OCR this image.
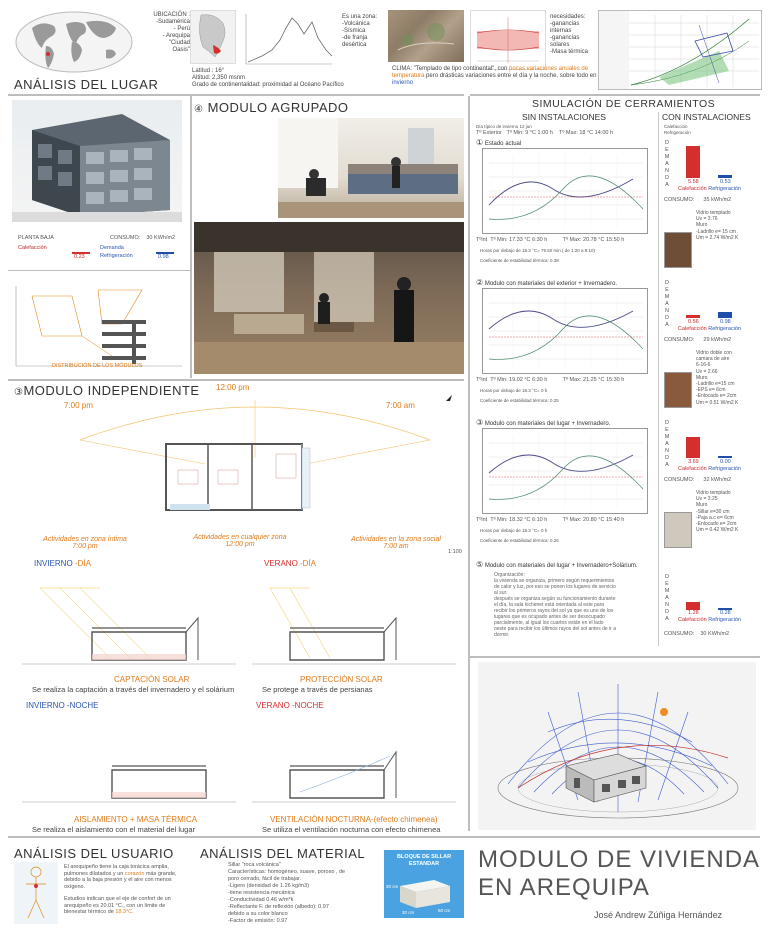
UBICACIÓN :
-Sudamérica
- Perú
- Arequipa
"Ciudad
Oasis"
Es una zona:
-Volcánica
-Sísmica
-de franja
desértica
necesidades:
-ganancias
internas
-ganancias
solares
-Masa térmica
ANÁLISIS DEL LUGAR
Latitud : 16°
Altitud: 2,350 msnm
Grado de continentalidad: proximidad al Océano Pacífico
CLIMA: "Templado de tipo continental", con pocas variaciones anuales de temperatura pero drásticas variaciones entre el día y la noche, sobre todo en invierno
PLANTA BAJA	CONSUMO: 30 KWh/m2
Calefacción
0.23
Demanda
Refrigeración	0.98
DISTRIBUCIÓN DE LOS MÓDULOS
④ MODULO AGRUPADO
③MODULO INDEPENDIENTE 12:00 pm
7:00 pm	7:00 am
Actividades en zona íntima
7:00 pm
Actividades en cualquier zona
12:00 pm
Actividades en la zona social
7:00 am
1:100
INVIERNO -DÍA	VERANO -DÍA
CAPTACIÓN SOLAR
Se realiza la captación a través del invernadero y el solárium
PROTECCIÓN SOLAR
Se protege a través de persianas
INVIERNO -NOCHE	VERANO -NOCHE
AISLAMIENTO + MASA TÉRMICA
Se realiza el aislamiento con el material del lugar
VENTILACIÓN NOCTURNA-(efecto chimenea)
Se utiliza el ventilación nocturna con efecto chimenea
SIMULACIÓN DE CERRAMIENTOS
SIN INSTALACIONES	CON INSTALACIONES
Día típico de invierno 12 jun
Tº Exterior Tº Min: 9 °C 1:00 h Tº Max: 18 °C 14:00 h
Calefacción
Refrigeración
① Estado actual
Tºint  Tº Min: 17.33 °C 6:30 h	Tº Max: 20.78 °C 15:50 h
Horas por debajo de 18.3 °C= 79.50 min ( de 1:20 a 9:10)
Coeficiente de estabilidad térmica: 0.38
D
E
M
A
N
D
A	5.58	0.53
Calefacción Refrigeración
CONSUMO: 35 kWh/m2
Vidrio templado
Uv = 3.76
Muro
-Ladrillo e= 15 cm
Um = 2.74 W/m2 K
② Modulo con materiales del exterior + Invernadero.
Tºint  Tº Min: 19.02 °C 6:30 h	Tº Max: 21.25 °C 15:30 h
Horas por debajo de 18.3 °C= 0 h
Coeficiente de estabilidad térmica: 0.25
D
E
M
A
N
D
A	0.56	0.98
Calefacción Refrigeración
CONSUMO: 29 kWh/m2
Vidrio doble con
camara de aire
6-16-6
Uv = 2.66
Muro
-Ladrillo e=15 cm
-EPS e= 6cm
-Enlocado e= 2cm
Um = 0.51 W/m2 K
③ Modulo con materiales del lugar + Invernadero.
Tºint  Tº Min: 18.32 °C 6:10 h	Tº Max: 20.80 °C 15:40 h
Horas por debajo de 18.3 °C= 0 h
Coeficiente de estabilidad térmica: 0.26
D
E
M
A
N
D
A	3.69	0.00
Calefacción Refrigeración
CONSUMO: 32 kWh/m2
Vidrio templado
Uv = 3.25
Muro
-Sillar e=30 cm
-Paja a.c e= 6cm
-Enlocado e= 2cm
Um = 0.42 W/m2 K
⑤ Modulo con materiales del lugar + Invernadero+Solárium.
Organización:
la vivienda se organiza, primero según requerimientos
de calor y luz, por eso se ponen los lugares de servicio
al sur.
después se organiza según su funcionamiento durante
el día, la sala kichenet está orientada al este para
recibir los primeros rayos del sol ya que es uno de los
lugares que es ocupado antes de ser desocupado
parcialmente, al igual los cuartos están en el lado
oeste para recibir los últimos rayos del sol antes de ir a
dormir.
D
E
M
A
N
D
A
1.28	0.28
Calefacción Refrigeración
CONSUMO: 30 KWh/m2
ANÁLISIS DEL USUARIO
El arequipeño tiene la caja torácica amplia,
pulmones dilatados y un corazón más grande,
debido a la baja presión y el aire con menos
oxígeno.
Estudios indican que el eje de confort de un
arequipeño es 20.01 °C., con un límite de
bienestar térmico de 18.3°C.
ANÁLISIS DEL MATERIAL
Sillar "roca volcánica"
Características: homogéneo, suave, poroso , de
poro cerrado, fácil de trabajar.
-Ligero (densidad de 1.26 kg/m3)
-tiene resistencia mecánica
-Conductividad 0.46 w/m*k
-Reflectante F. de reflexión (albedo): 0.97
debido a su color blanco
-Factor de emisión: 0.97
BLOQUE DE SILLAR
ESTANDAR
20 cm
30 cm	50 cm
MODULO DE VIVIENDA
EN AREQUIPA
José Andrew Zúñiga Hernández
